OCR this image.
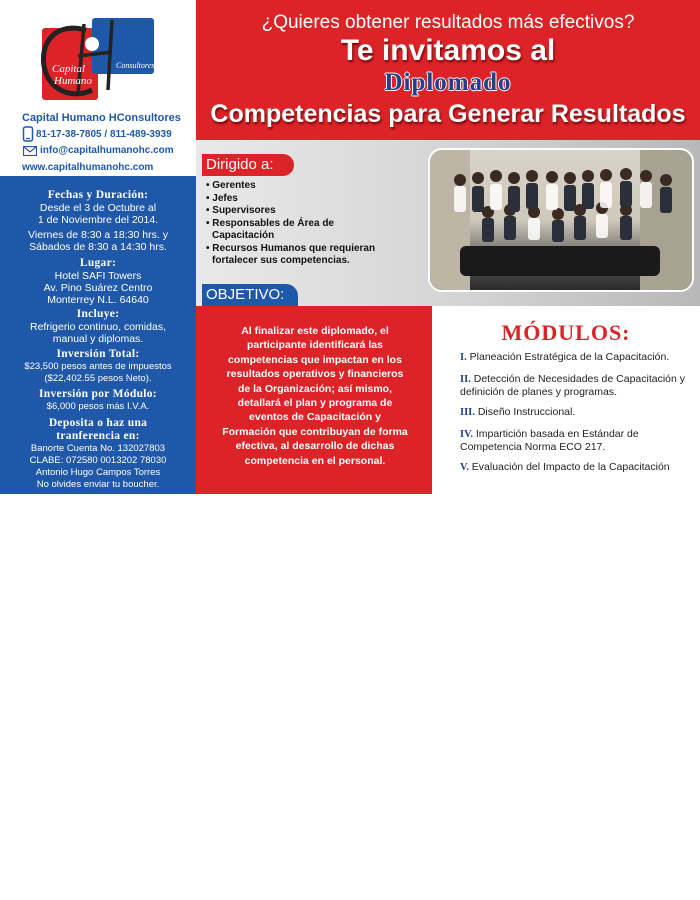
Capital
Humano
Consultores
Capital Humano HConsultores
81-17-38-7805 / 811-489-3939
info@capitalhumanohc.com
www.capitalhumanohc.com
Fechas y Duración:
Desde el 3 de Octubre al
1 de Noviembre del 2014.
Viernes de 8:30 a 18:30 hrs. y
Sábados de 8:30 a 14:30 hrs.
Lugar:
Hotel SAFI Towers
Av. Pino Suárez Centro
Monterrey N.L. 64640
Incluye:
Refrigerio continuo, comidas,
manual y diplomas.
Inversión Total:
$23,500 pesos antes de impuestos
($22,402.55 pesos Neto).
Inversión por Módulo:
$6,000 pesos más I.V.A.
Deposita o haz una
tranferencia en:
Banorte Cuenta No. 132027803
CLABE: 072580 0013202 78030
Antonio Hugo Campos Torres
No olvides enviar tu boucher.
¿Quieres obtener resultados más efectivos?
Te invitamos al
Diplomado
Competencias para Generar Resultados
Dirigido a:
• Gerentes
• Jefes
• Supervisores
• Responsables de Área de Capacitación
• Recursos Humanos que requieran fortalecer sus competencias.
OBJETIVO:
Al finalizar este diplomado, el participante identificará las competencias que impactan en los resultados operativos y financieros de la Organización; así mismo, detallará el plan y programa de eventos de Capacitación y Formación que contribuyan de forma efectiva, al desarrollo de dichas competencia en el personal.
MÓDULOS:
I. Planeación Estratégica de la Capacitación.
II. Detección de Necesidades de Capacitación y definición de planes y programas.
III. Diseño Instruccional.
IV. Impartición basada en Estándar de Competencia Norma ECO 217.
V. Evaluación del Impacto de la Capacitación
